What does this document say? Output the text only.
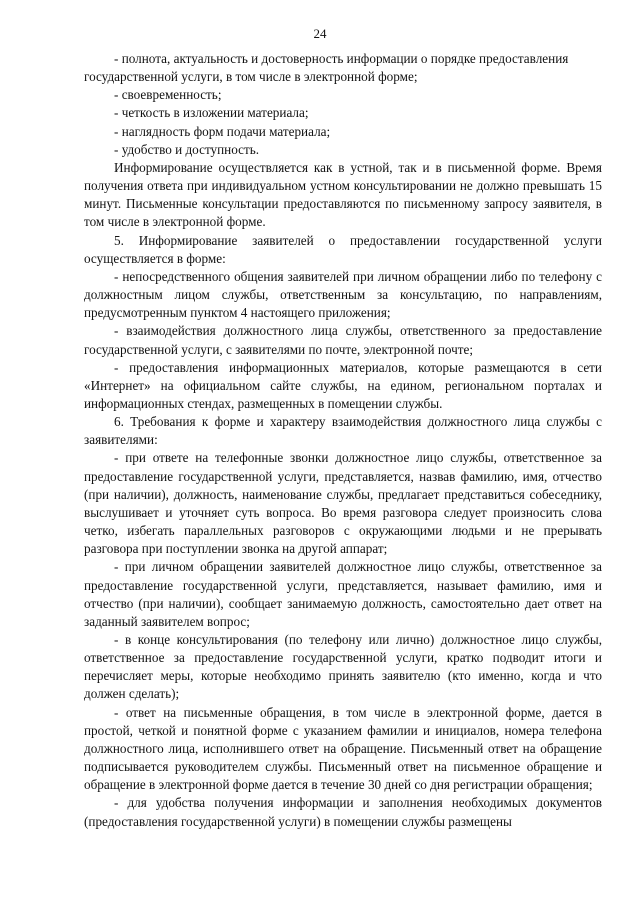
24

- полнота, актуальность и достоверность информации о порядке предоставления государственной услуги, в том числе в электронной форме;

- своевременность;

- четкость в изложении материала;

- наглядность форм подачи материала;

- удобство и доступность.

Информирование осуществляется как в устной, так и в письменной форме. Время получения ответа при индивидуальном устном консультировании не должно превышать 15 минут. Письменные консультации предоставляются по письменному запросу заявителя, в том числе в электронной форме.

5. Информирование заявителей о предоставлении государственной услуги осуществляется в форме:

- непосредственного общения заявителей при личном обращении либо по телефону с должностным лицом службы, ответственным за консультацию, по направлениям, предусмотренным пунктом 4 настоящего приложения;

- взаимодействия должностного лица службы, ответственного за предоставление государственной услуги, с заявителями по почте, электронной почте;

- предоставления информационных материалов, которые размещаются в сети «Интернет» на официальном сайте службы, на едином, региональном порталах и информационных стендах, размещенных в помещении службы.

6. Требования к форме и характеру взаимодействия должностного лица службы с заявителями:

- при ответе на телефонные звонки должностное лицо службы, ответственное за предоставление государственной услуги, представляется, назвав фамилию, имя, отчество (при наличии), должность, наименование службы, предлагает представиться собеседнику, выслушивает и уточняет суть вопроса. Во время разговора следует произносить слова четко, избегать параллельных разговоров с окружающими людьми и не прерывать разговора при поступлении звонка на другой аппарат;

- при личном обращении заявителей должностное лицо службы, ответственное за предоставление государственной услуги, представляется, называет фамилию, имя и отчество (при наличии), сообщает занимаемую должность, самостоятельно дает ответ на заданный заявителем вопрос;

- в конце консультирования (по телефону или лично) должностное лицо службы, ответственное за предоставление государственной услуги, кратко подводит итоги и перечисляет меры, которые необходимо принять заявителю (кто именно, когда и что должен сделать);

- ответ на письменные обращения, в том числе в электронной форме, дается в простой, четкой и понятной форме с указанием фамилии и инициалов, номера телефона должностного лица, исполнившего ответ на обращение. Письменный ответ на обращение подписывается руководителем службы. Письменный ответ на письменное обращение и обращение в электронной форме дается в течение 30 дней со дня регистрации обращения;

- для удобства получения информации и заполнения необходимых документов (предоставления государственной услуги) в помещении службы размещены
